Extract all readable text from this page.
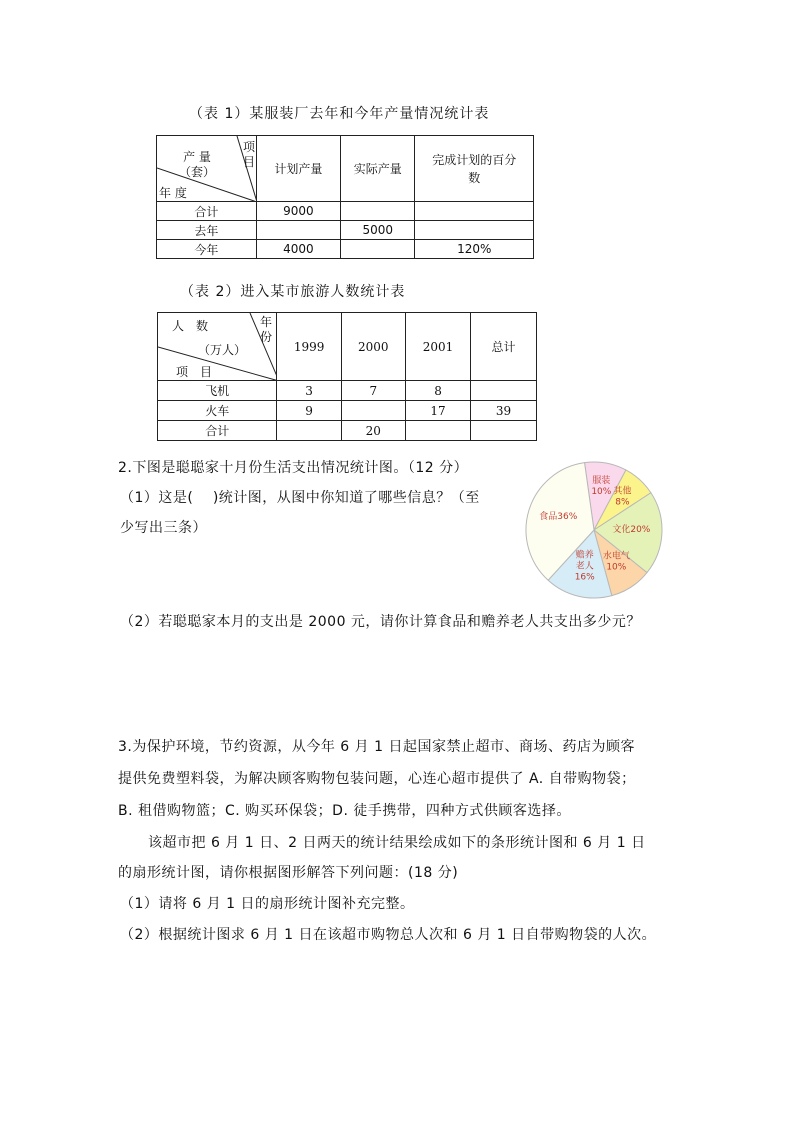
（表 1）某服装厂去年和今年产量情况统计表
项
目
产 量
（套）
年 度	计划产量	实际产量	完成计划的百分
数
合计	9000		
去年		5000	
今年	4000		120%
（表 2）进入某市旅游人数统计表
人　数 年
份
（万人）
项　目	1999	2000	2001	总计
飞机	3	7	8	
火车	9		17	39
合计		20		
2.下图是聪聪家十月份生活支出情况统计图。（12 分）
（1）这是(　 )统计图，从图中你知道了哪些信息？（至
少写出三条）
服装 10% 其他 8%
文化20%
水电气 10%
赡养老人 16%
食品36%
（2）若聪聪家本月的支出是 2000 元，请你计算食品和赡养老人共支出多少元？
3.为保护环境，节约资源，从今年 6 月 1 日起国家禁止超市、商场、药店为顾客
提供免费塑料袋，为解决顾客购物包装问题，心连心超市提供了 A. 自带购物袋；
B. 租借购物篮；C. 购买环保袋；D. 徒手携带，四种方式供顾客选择。
该超市把 6 月 1 日、2 日两天的统计结果绘成如下的条形统计图和 6 月 1 日
的扇形统计图，请你根据图形解答下列问题：(18 分)
（1）请将 6 月 1 日的扇形统计图补充完整。
（2）根据统计图求 6 月 1 日在该超市购物总人次和 6 月 1 日自带购物袋的人次。
